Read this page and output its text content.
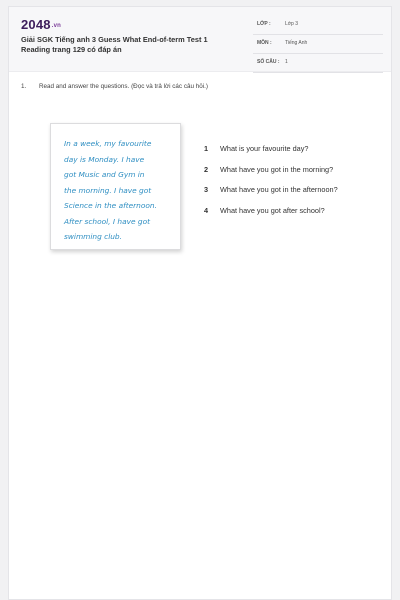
$2048^{.vn}$
Giải SGK Tiếng anh 3 Guess What End-of-term Test 1
Reading trang 129 có đáp án
LỚP :	Lớp 3
MÔN :	Tiếng Anh
SỐ CÂU : 1
1. Read and answer the questions. (Đọc và trả lời các câu hỏi.)
In a week, my favourite
day is Monday. I have
got Music and Gym in
the morning. I have got
Science in the afternoon.
After school, I have got
swimming club.
1 What is your favourite day?
2 What have you got in the morning?
3 What have you got in the afternoon?
4 What have you got after school?
